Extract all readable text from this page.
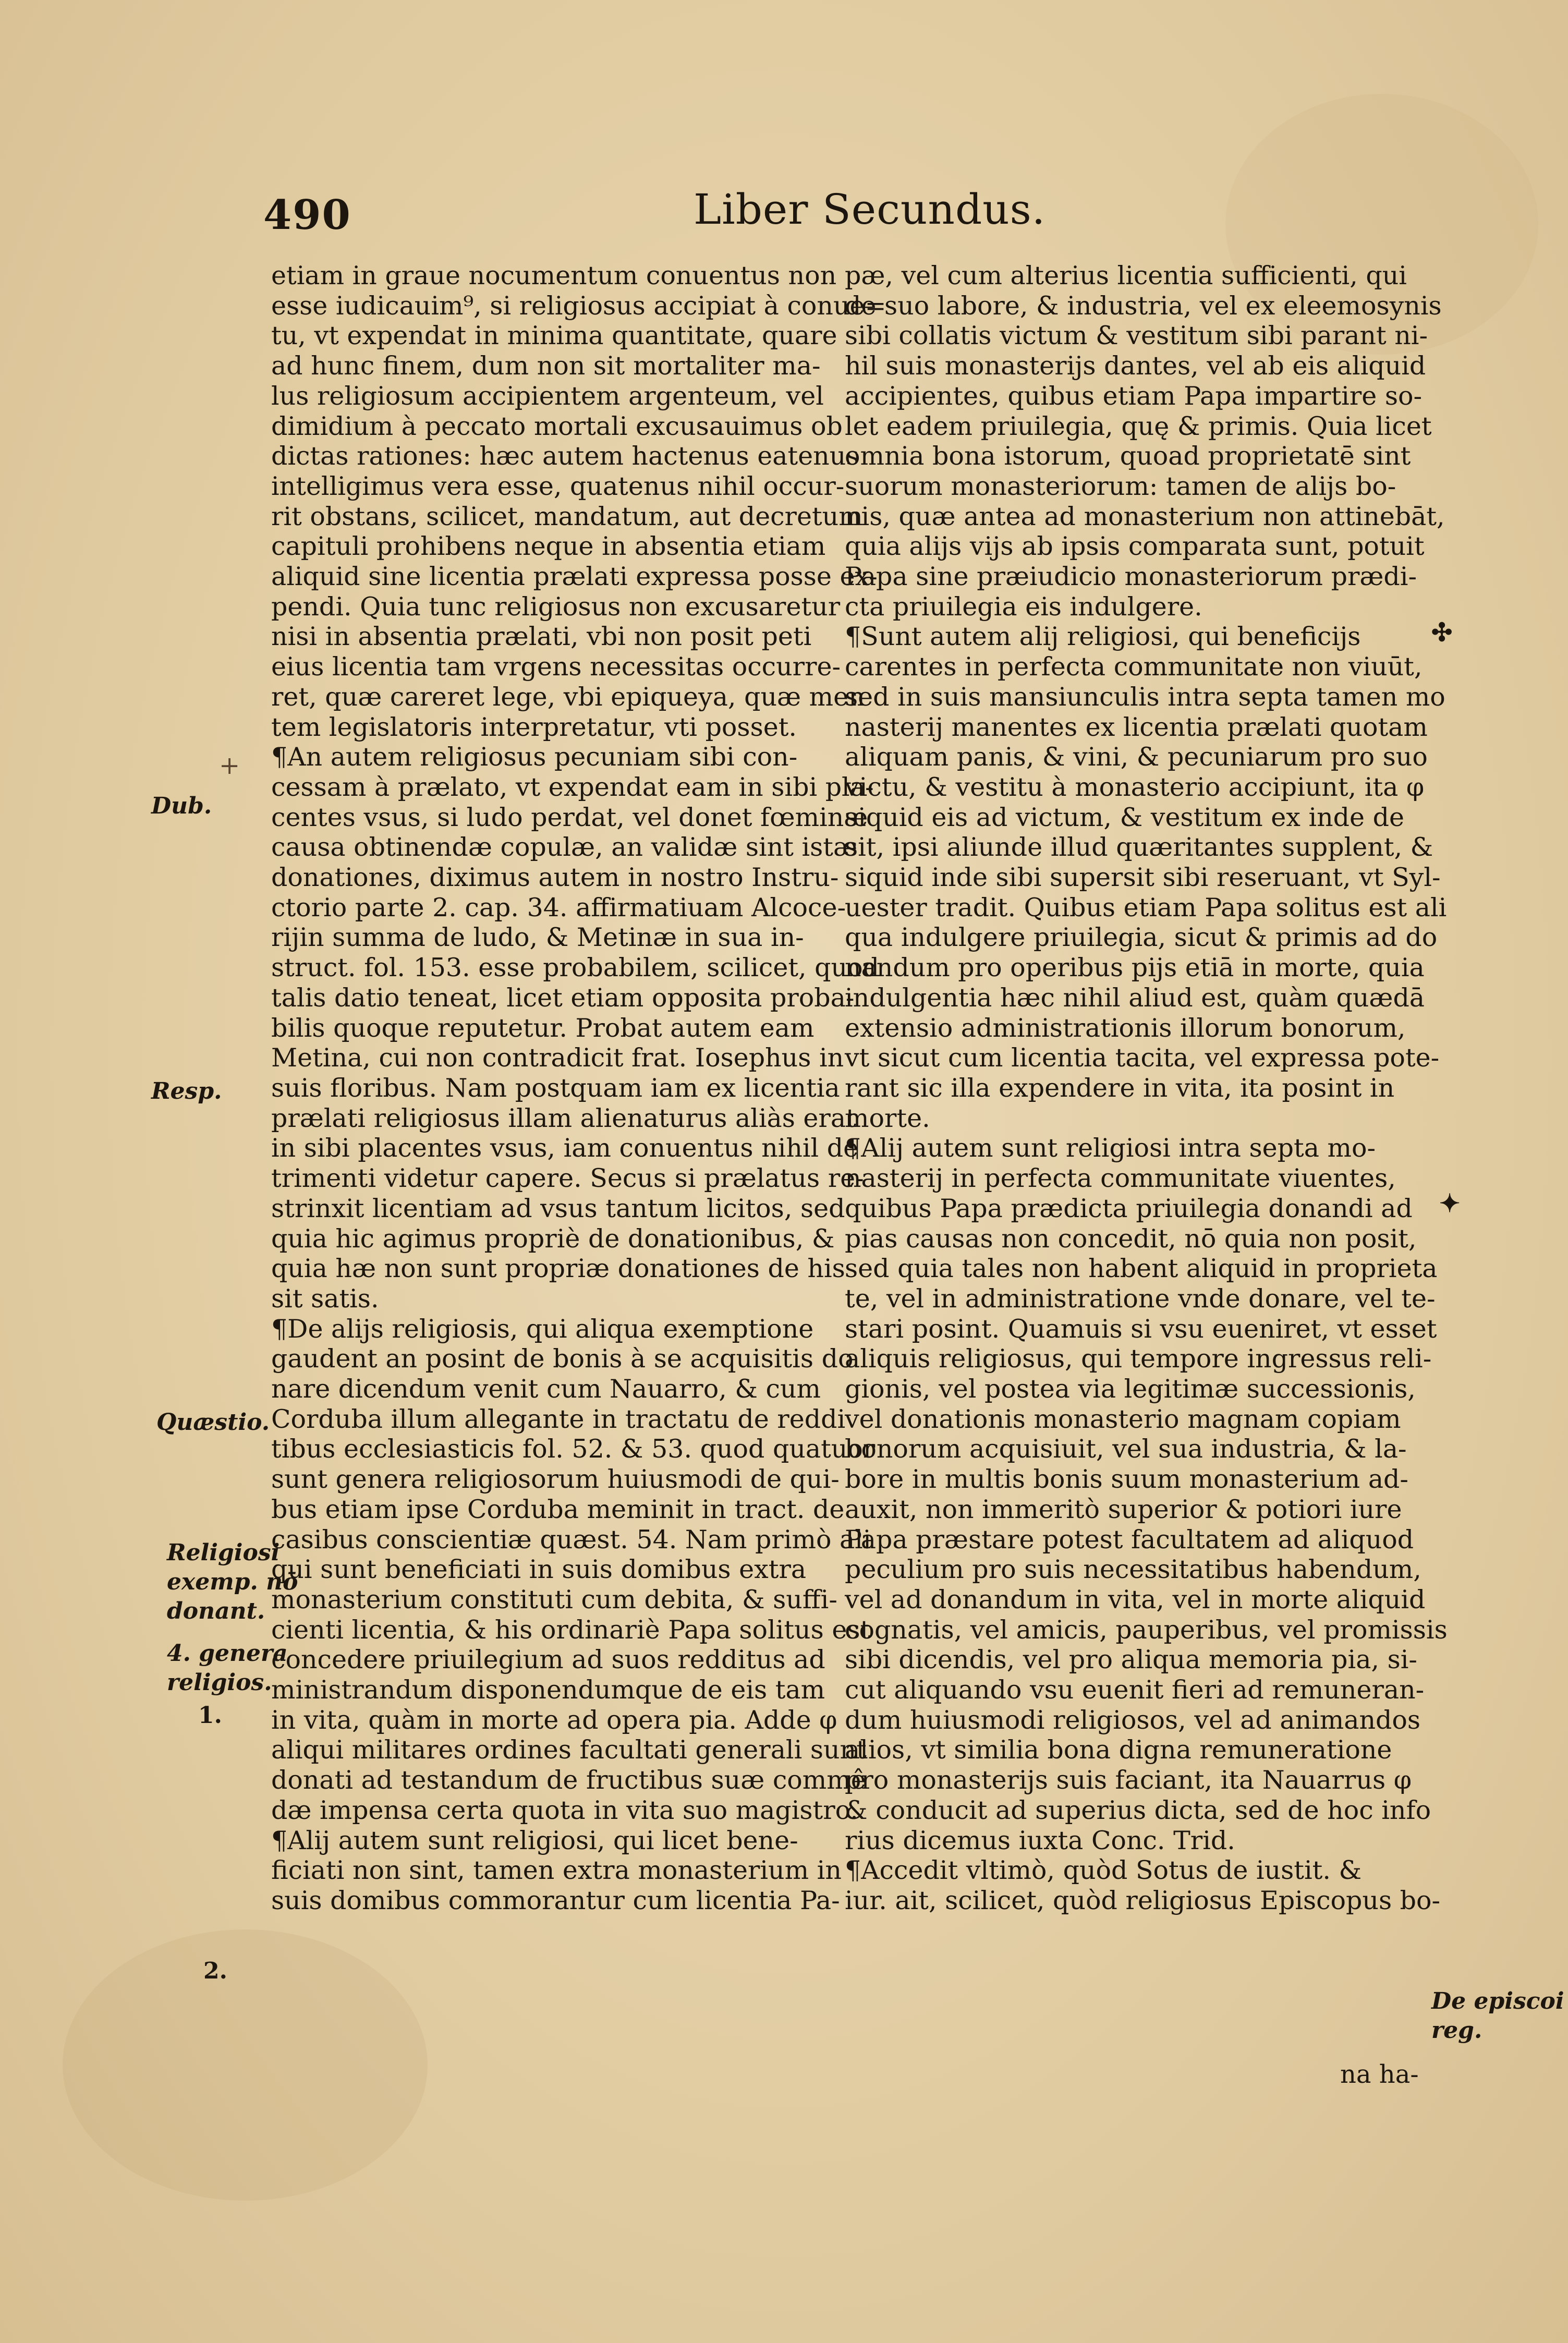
490	Liber Secundus.
etiam in graue nocumentum conuentus non
esse iudicauim⁹, si religiosus accipiat à conue=
tu, vt expendat in minima quantitate, quare
ad hunc finem, dum non sit mortaliter ma-
lus religiosum accipientem argenteum, vel
dimidium à peccato mortali excusauimus ob
dictas rationes: hæc autem hactenus eatenus
intelligimus vera esse, quatenus nihil occur-
rit obstans, scilicet, mandatum, aut decretum
capituli prohibens neque in absentia etiam
aliquid sine licentia prælati expressa posse ex-
pendi. Quia tunc religiosus non excusaretur
nisi in absentia prælati, vbi non posit peti
eius licentia tam vrgens necessitas occurre-
ret, quæ careret lege, vbi epiqueya, quæ men
tem legislatoris interpretatur, vti posset.
¶An autem religiosus pecuniam sibi con-
cessam à prælato, vt expendat eam in sibi pla-
centes vsus, si ludo perdat, vel donet fœminæ
causa obtinendæ copulæ, an validæ sint istæ
donationes, diximus autem in nostro Instru-
ctorio parte 2. cap. 34. affirmatiuam Alcoce-
rijin summa de ludo, & Metinæ in sua in-
struct. fol. 153. esse probabilem, scilicet, quod
talis datio teneat, licet etiam opposita proba-
bilis quoque reputetur. Probat autem eam
Metina, cui non contradicit frat. Iosephus in
suis floribus. Nam postquam iam ex licentia
prælati religiosus illam alienaturus aliàs erat
in sibi placentes vsus, iam conuentus nihil de
trimenti videtur capere. Secus si prælatus re-
strinxit licentiam ad vsus tantum licitos, sed
quia hic agimus propriè de donationibus, &
quia hæ non sunt propriæ donationes de his
sit satis.
¶De alijs religiosis, qui aliqua exemptione
gaudent an posint de bonis à se acquisitis do
nare dicendum venit cum Nauarro, & cum
Corduba illum allegante in tractatu de reddi
tibus ecclesiasticis fol. 52. & 53. quod quatuor
sunt genera religiosorum huiusmodi de qui-
bus etiam ipse Corduba meminit in tract. de
casibus conscientiæ quæst. 54. Nam primò ali
qui sunt beneficiati in suis domibus extra
monasterium constituti cum debita, & suffi-
cienti licentia, & his ordinariè Papa solitus est
concedere priuilegium ad suos redditus ad
ministrandum disponendumque de eis tam
in vita, quàm in morte ad opera pia. Adde φ
aliqui militares ordines facultati generali sunt
donati ad testandum de fructibus suæ commê
dæ impensa certa quota in vita suo magistro.
¶Alij autem sunt religiosi, qui licet bene-
ficiati non sint, tamen extra monasterium in
suis domibus commorantur cum licentia Pa-
pæ, vel cum alterius licentia sufficienti, qui
de suo labore, & industria, vel ex eleemosynis
sibi collatis victum & vestitum sibi parant ni-
hil suis monasterijs dantes, vel ab eis aliquid
accipientes, quibus etiam Papa impartire so-
let eadem priuilegia, quę & primis. Quia licet
omnia bona istorum, quoad proprietatē sint
suorum monasteriorum: tamen de alijs bo-
nis, quæ antea ad monasterium non attinebāt,
quia alijs vijs ab ipsis comparata sunt, potuit
Papa sine præiudicio monasteriorum prædi-
cta priuilegia eis indulgere.
¶Sunt autem alij religiosi, qui beneficijs
carentes in perfecta communitate non viuūt,
sed in suis mansiunculis intra septa tamen mo
nasterij manentes ex licentia prælati quotam
aliquam panis, & vini, & pecuniarum pro suo
victu, & vestitu à monasterio accipiunt, ita φ
siquid eis ad victum, & vestitum ex inde de
sit, ipsi aliunde illud quæritantes supplent, &
siquid inde sibi supersit sibi reseruant, vt Syl-
uester tradit. Quibus etiam Papa solitus est ali
qua indulgere priuilegia, sicut & primis ad do
nandum pro operibus pijs etiā in morte, quia
indulgentia hæc nihil aliud est, quàm quædā
extensio administrationis illorum bonorum,
vt sicut cum licentia tacita, vel expressa pote-
rant sic illa expendere in vita, ita posint in
morte.
¶Alij autem sunt religiosi intra septa mo-
nasterij in perfecta communitate viuentes,
quibus Papa prædicta priuilegia donandi ad
pias causas non concedit, nō quia non posit,
sed quia tales non habent aliquid in proprieta
te, vel in administratione vnde donare, vel te-
stari posint. Quamuis si vsu eueniret, vt esset
aliquis religiosus, qui tempore ingressus reli-
gionis, vel postea via legitimæ successionis,
vel donationis monasterio magnam copiam
bonorum acquisiuit, vel sua industria, & la-
bore in multis bonis suum monasterium ad-
auxit, non immeritò superior & potiori iure
Papa præstare potest facultatem ad aliquod
peculium pro suis necessitatibus habendum,
vel ad donandum in vita, vel in morte aliquid
cognatis, vel amicis, pauperibus, vel promissis
sibi dicendis, vel pro aliqua memoria pia, si-
cut aliquando vsu euenit fieri ad remuneran-
dum huiusmodi religiosos, vel ad animandos
alios, vt similia bona digna remuneratione
pro monasterijs suis faciant, ita Nauarrus φ
& conducit ad superius dicta, sed de hoc info
rius dicemus iuxta Conc. Trid.
¶Accedit vltimò, quòd Sotus de iustit. &
iur. ait, scilicet, quòd religiosus Episcopus bo-
na ha-
Dub.
Resp.
Quæstio.
Religiosi
exemp. nō
donant.
4. genera
religios.
1.
2.
De episcoi
reg.
✣
✦
+
